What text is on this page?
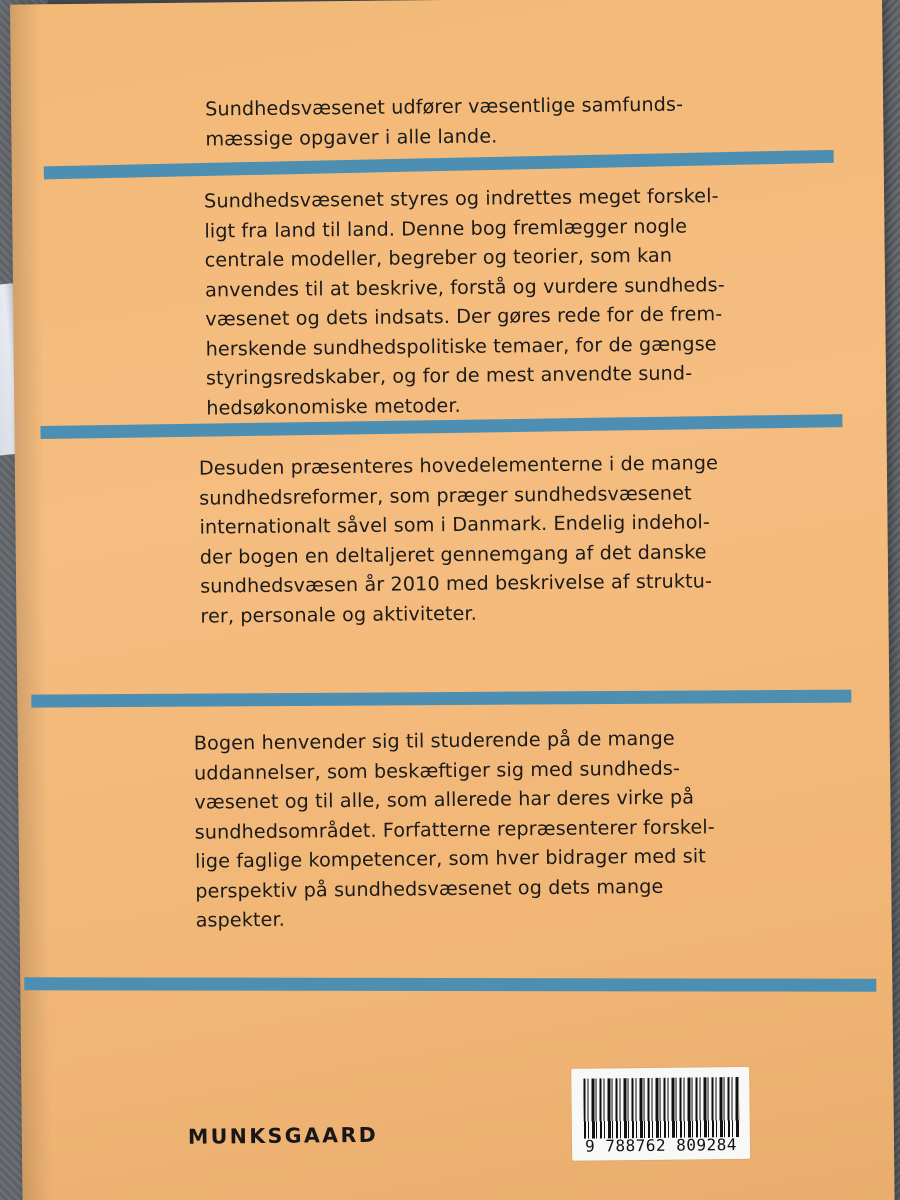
Sundhedsvæsenet udfører væsentlige samfunds-
mæssige opgaver i alle lande.
Sundhedsvæsenet styres og indrettes meget forskel-
ligt fra land til land. Denne bog fremlægger nogle
centrale modeller, begreber og teorier, som kan
anvendes til at beskrive, forstå og vurdere sundheds-
væsenet og dets indsats. Der gøres rede for de frem-
herskende sundhedspolitiske temaer, for de gængse
styringsredskaber, og for de mest anvendte sund-
hedsøkonomiske metoder.
Desuden præsenteres hovedelementerne i de mange
sundhedsreformer, som præger sundhedsvæsenet
internationalt såvel som i Danmark. Endelig indehol-
der bogen en deltaljeret gennemgang af det danske
sundhedsvæsen år 2010 med beskrivelse af struktu-
rer, personale og aktiviteter.
Bogen henvender sig til studerende på de mange
uddannelser, som beskæftiger sig med sundheds-
væsenet og til alle, som allerede har deres virke på
sundhedsområdet. Forfatterne repræsenterer forskel-
lige faglige kompetencer, som hver bidrager med sit
perspektiv på sundhedsvæsenet og dets mange
aspekter.
MUNKSGAARD	9 788762 809284
